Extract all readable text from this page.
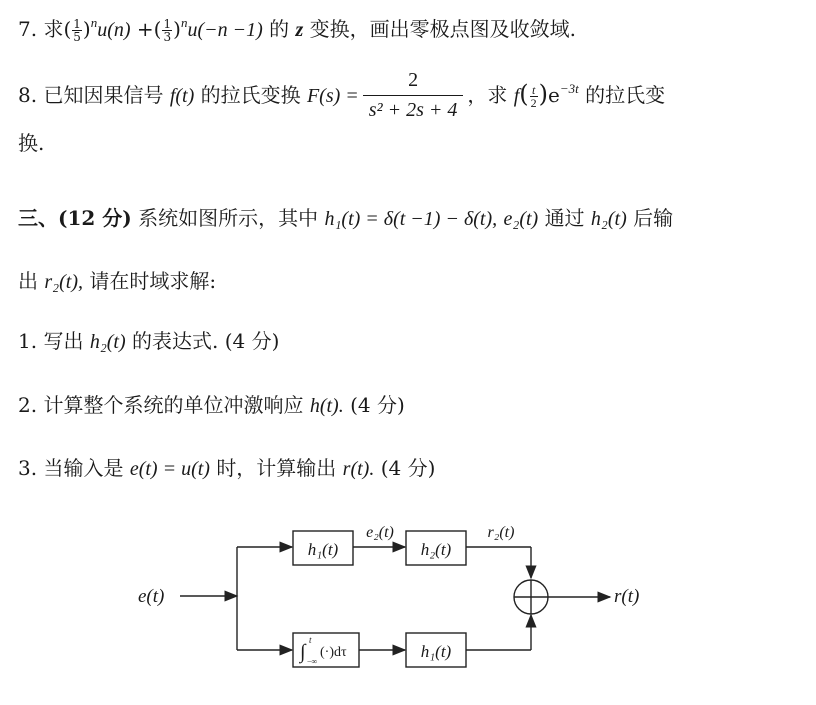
7. 求( $\frac{1}{5} )^nu(n)$ +( $\frac{1}{3} )^nu(-n -1)$ 的 z 变换，画出零极点图及收敛域.
8. 已知因果信号 f(t) 的拉氏变换 $F(s) = \frac{2}{\text{s² + 2s + 4}}$ ，求 $f( \frac{t}{2} )e^{-3t}$ 的拉氏变
换.
三、(12 分) 系统如图所示，其中 h₁(t) = δ(t −1) − δ(t), e₂(t) 通过 h₂(t) 后输
出 r₂(t), 请在时域求解:
1. 写出 h₂(t) 的表达式. (4 分)
2. 计算整个系统的单位冲激响应 h(t). (4 分)
3. 当输入是 e(t) = u(t) 时，计算输出 r(t). (4 分)
e(t)
h₁(t)
e₂(t)
h₂(t)
r₂(t)
∫
t
−∞
(·)dτ	h₁(t)
r(t)
